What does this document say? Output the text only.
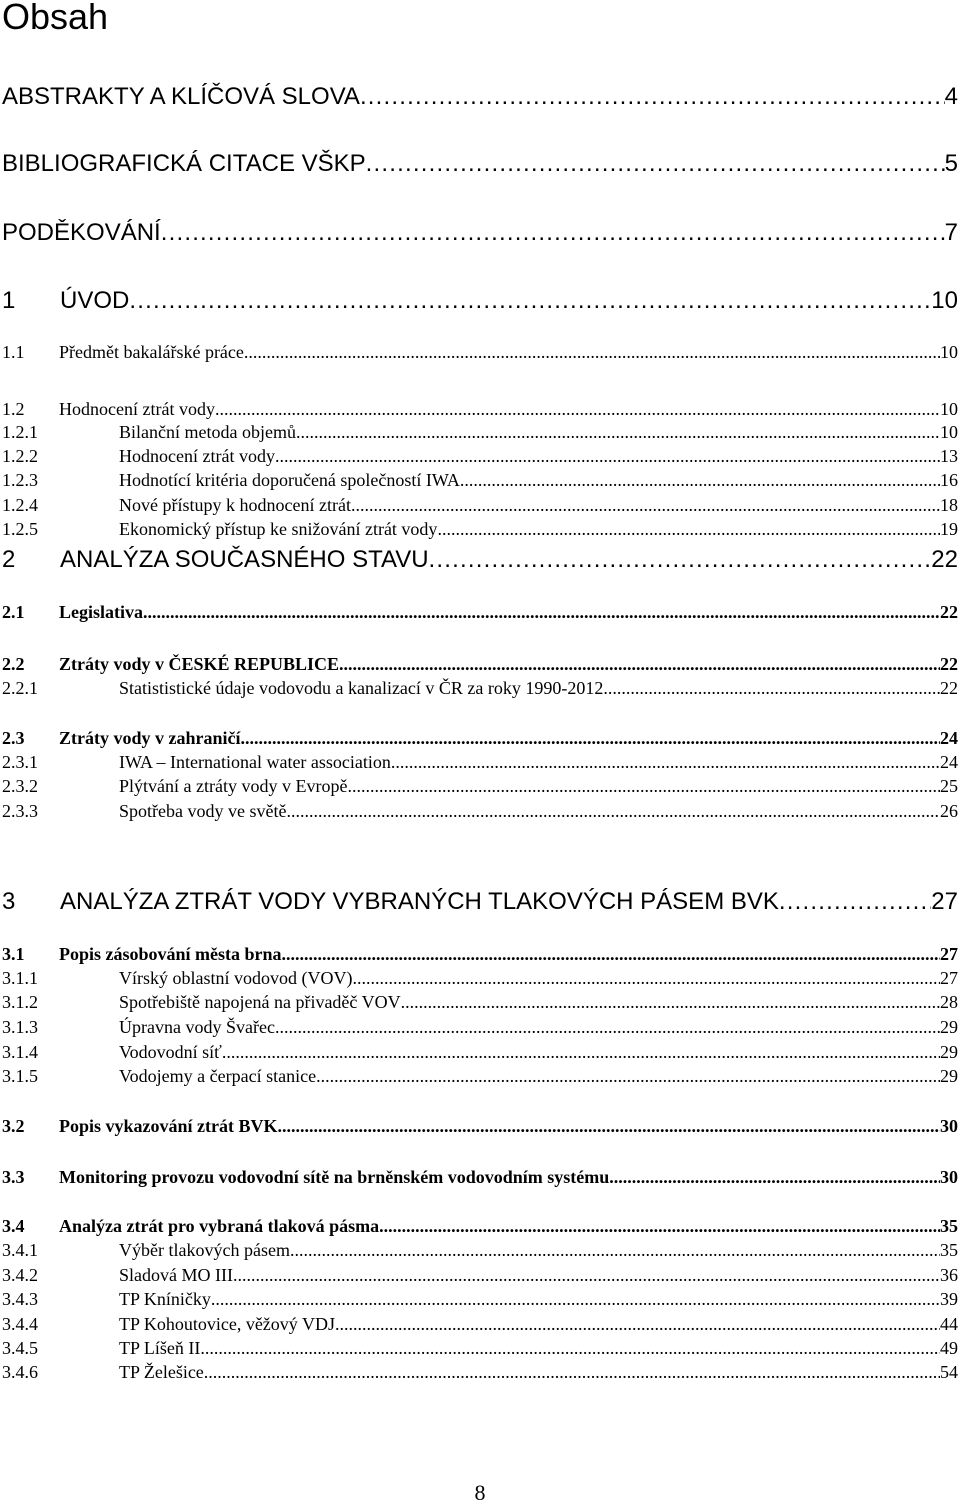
Obsah
ABSTRAKTY A KLÍČOVÁ SLOVA .....	4
BIBLIOGRAFICKÁ CITACE VŠKP .....	5
PODĚKOVÁNÍ .....	7
1	ÚVOD .....	10
1.1	Předmět bakalářské práce .....	10
1.2	Hodnocení ztrát vody .....	10
1.2.1	Bilanční metoda objemů .....	10
1.2.2	Hodnocení ztrát vody .....	13
1.2.3	Hodnotící kritéria doporučená společností IWA .....	16
1.2.4	Nové přístupy k hodnocení ztrát .....	18
1.2.5	Ekonomický přístup ke snižování ztrát vody .....	19
2	ANALÝZA SOUČASNÉHO STAVU .....	22
2.1	Legislativa .....	22
2.2	Ztráty vody v ČESKÉ REPUBLICE .....	22
2.2.1	Statististické údaje vodovodu a kanalizací v ČR za roky 1990-2012 .....	22
2.3	Ztráty vody v zahraničí .....	24
2.3.1	IWA – International water association .....	24
2.3.2	Plýtvání a ztráty vody v Evropě .....	25
2.3.3	Spotřeba vody ve světě .....	26
3	ANALÝZA ZTRÁT VODY VYBRANÝCH TLAKOVÝCH PÁSEM BVK .....	27
3.1	Popis zásobování města brna .....	27
3.1.1	Vírský oblastní vodovod (VOV) .....	27
3.1.2	Spotřebiště napojená na přivaděč VOV .....	28
3.1.3	Úpravna vody Švařec .....	29
3.1.4	Vodovodní síť .....	29
3.1.5	Vodojemy a čerpací stanice .....	29
3.2	Popis vykazování ztrát BVK .....	30
3.3	Monitoring provozu vodovodní sítě na brněnském vodovodním systému .....	30
3.4	Analýza ztrát pro vybraná tlaková pásma .....	35
3.4.1	Výběr tlakových pásem .....	35
3.4.2	Sladová MO III .....	36
3.4.3	TP Kníničky .....	39
3.4.4	TP Kohoutovice, věžový VDJ .....	44
3.4.5	TP Líšeň II .....	49
3.4.6	TP Želešice .....	54
8
